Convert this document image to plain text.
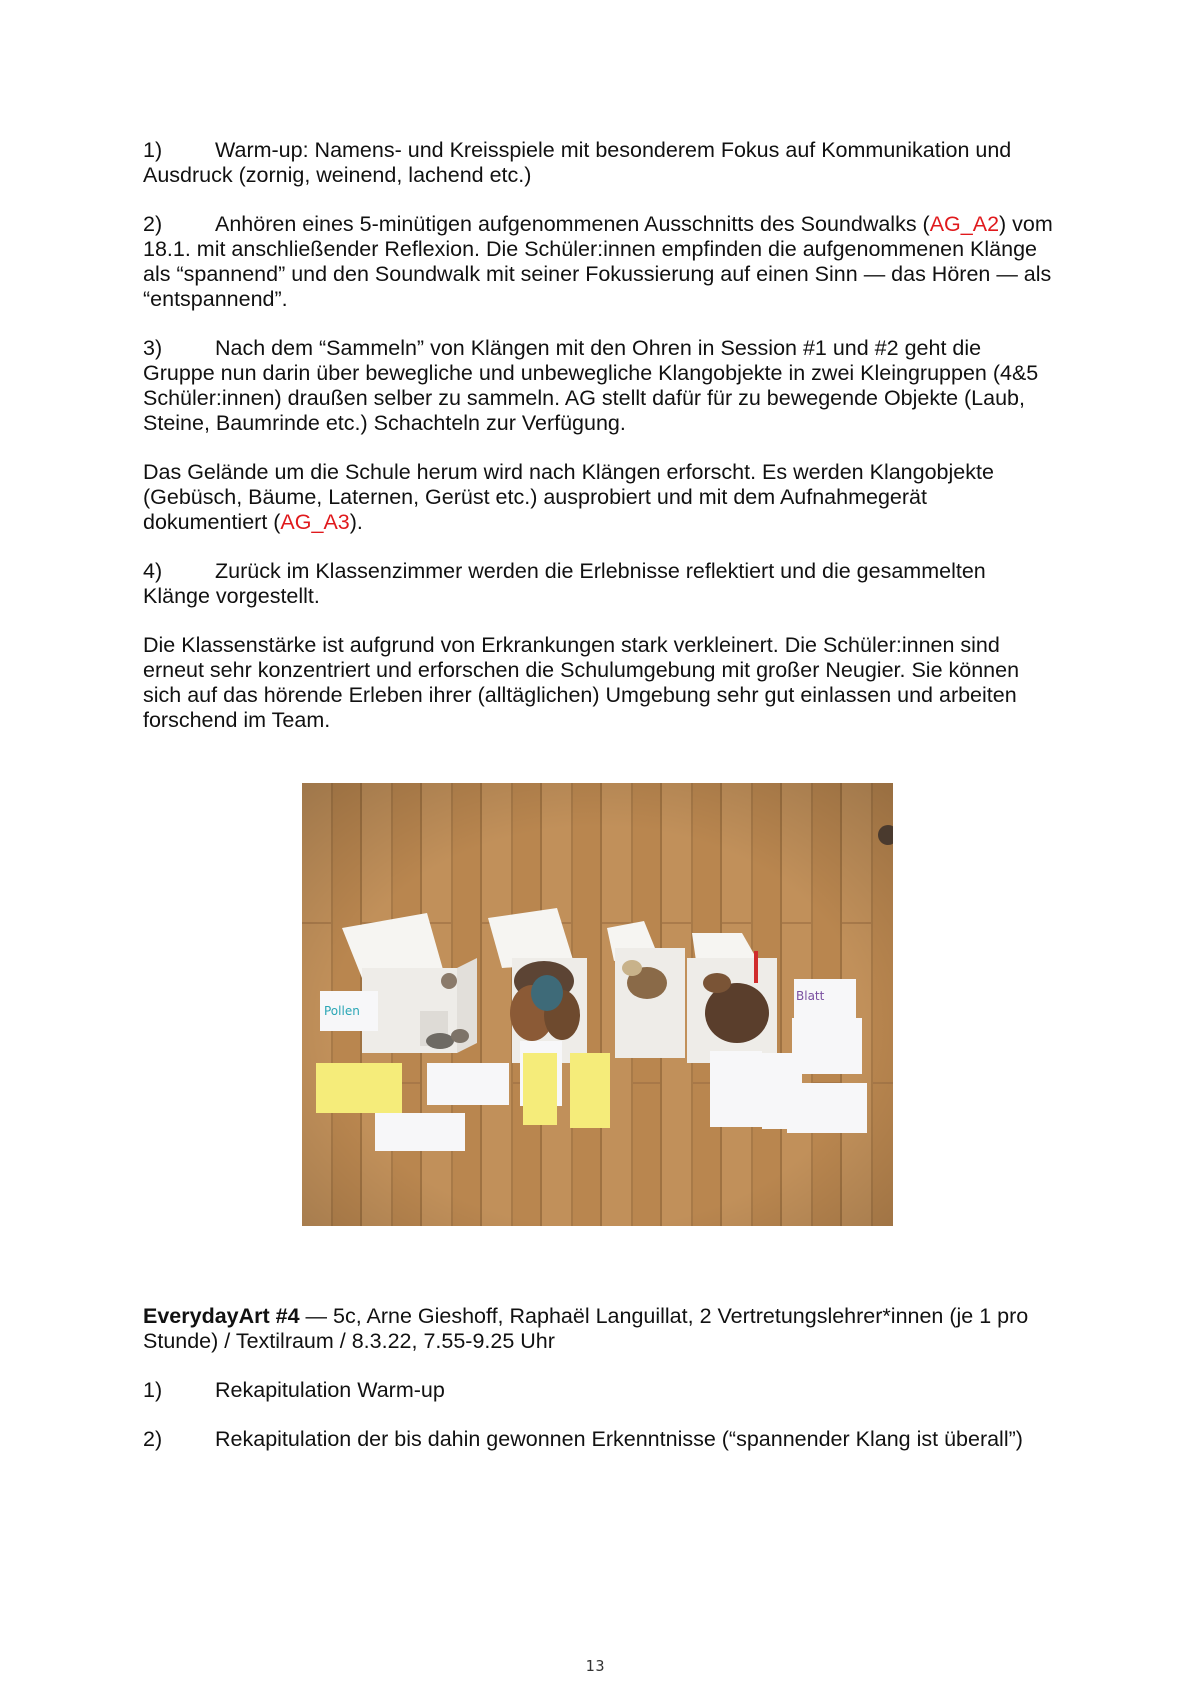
1) Warm-up: Namens- und Kreisspiele mit besonderem Fokus auf Kommunikation und Ausdruck (zornig, weinend, lachend etc.)

2) Anhören eines 5-minütigen aufgenommenen Ausschnitts des Soundwalks (AG_A2) vom 18.1. mit anschließender Reflexion. Die Schüler:innen empfinden die aufgenommenen Klänge als “spannend” und den Soundwalk mit seiner Fokussierung auf einen Sinn — das Hören — als “entspannend”.

3) Nach dem “Sammeln” von Klängen mit den Ohren in Session #1 und #2 geht die Gruppe nun darin über bewegliche und unbewegliche Klangobjekte in zwei Kleingruppen (4&5 Schüler:innen) draußen selber zu sammeln. AG stellt dafür für zu bewegende Objekte (Laub, Steine, Baumrinde etc.) Schachteln zur Verfügung.

Das Gelände um die Schule herum wird nach Klängen erforscht. Es werden Klangobjekte (Gebüsch, Bäume, Laternen, Gerüst etc.) ausprobiert und mit dem Aufnahmegerät dokumentiert (AG_A3).

4) Zurück im Klassenzimmer werden die Erlebnisse reflektiert und die gesammelten Klänge vorgestellt.

Die Klassenstärke ist aufgrund von Erkrankungen stark verkleinert. Die Schüler:innen sind erneut sehr konzentriert und erforschen die Schulumgebung mit großer Neugier. Sie können sich auf das hörende Erleben ihrer (alltäglichen) Umgebung sehr gut einlassen und arbeiten forschend im Team.

Pollen
Blatt

EverydayArt #4 — 5c, Arne Gieshoff, Raphaël Languillat, 2 Vertretungslehrer*innen (je 1 pro Stunde) / Textilraum / 8.3.22, 7.55-9.25 Uhr

1) Rekapitulation Warm-up

2) Rekapitulation der bis dahin gewonnen Erkenntnisse (“spannender Klang ist überall”)

13
